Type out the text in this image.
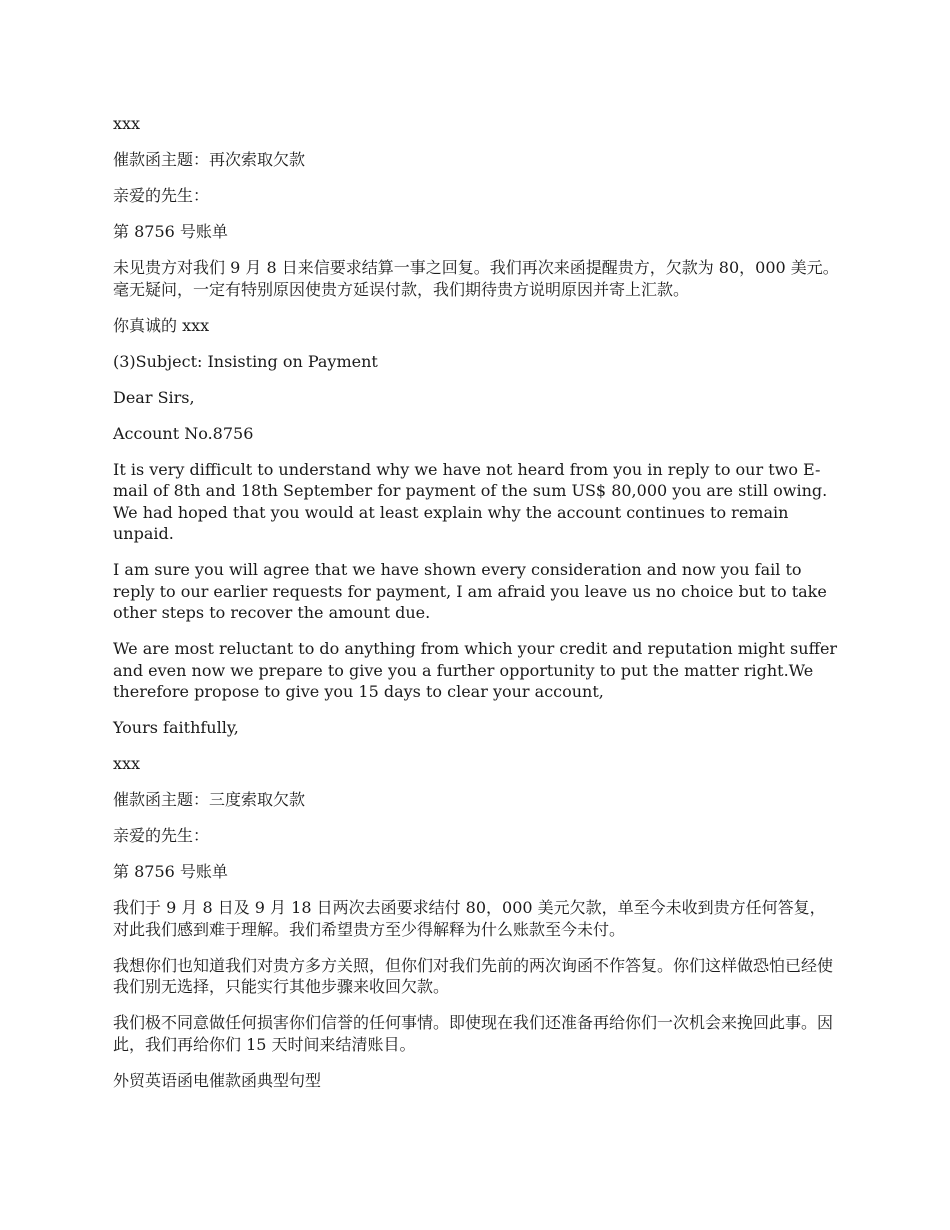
xxx

催款函主题：再次索取欠款

亲爱的先生：

第 8756 号账单

未见贵方对我们 9 月 8 日来信要求结算一事之回复。我们再次来函提醒贵方，欠款为 80，000 美元。毫无疑问，一定有特别原因使贵方延误付款，我们期待贵方说明原因并寄上汇款。

你真诚的 xxx

(3)Subject: Insisting on Payment

Dear Sirs,

Account No.8756

It is very difficult to understand why we have not heard from you in reply to our two E-mail of 8th and 18th September for payment of the sum US$ 80,000 you are still owing. We had hoped that you would at least explain why the account continues to remain unpaid.

I am sure you will agree that we have shown every consideration and now you fail to reply to our earlier requests for payment, I am afraid you leave us no choice but to take other steps to recover the amount due.

We are most reluctant to do anything from which your credit and reputation might suffer and even now we prepare to give you a further opportunity to put the matter right.We therefore propose to give you 15 days to clear your account,

Yours faithfully,

xxx

催款函主题：三度索取欠款

亲爱的先生：

第 8756 号账单

我们于 9 月 8 日及 9 月 18 日两次去函要求结付 80，000 美元欠款，单至今未收到贵方任何答复，对此我们感到难于理解。我们希望贵方至少得解释为什么账款至今未付。

我想你们也知道我们对贵方多方关照，但你们对我们先前的两次询函不作答复。你们这样做恐怕已经使我们别无选择，只能实行其他步骤来收回欠款。

我们极不同意做任何损害你们信誉的任何事情。即使现在我们还准备再给你们一次机会来挽回此事。因此，我们再给你们 15 天时间来结清账目。

外贸英语函电催款函典型句型
